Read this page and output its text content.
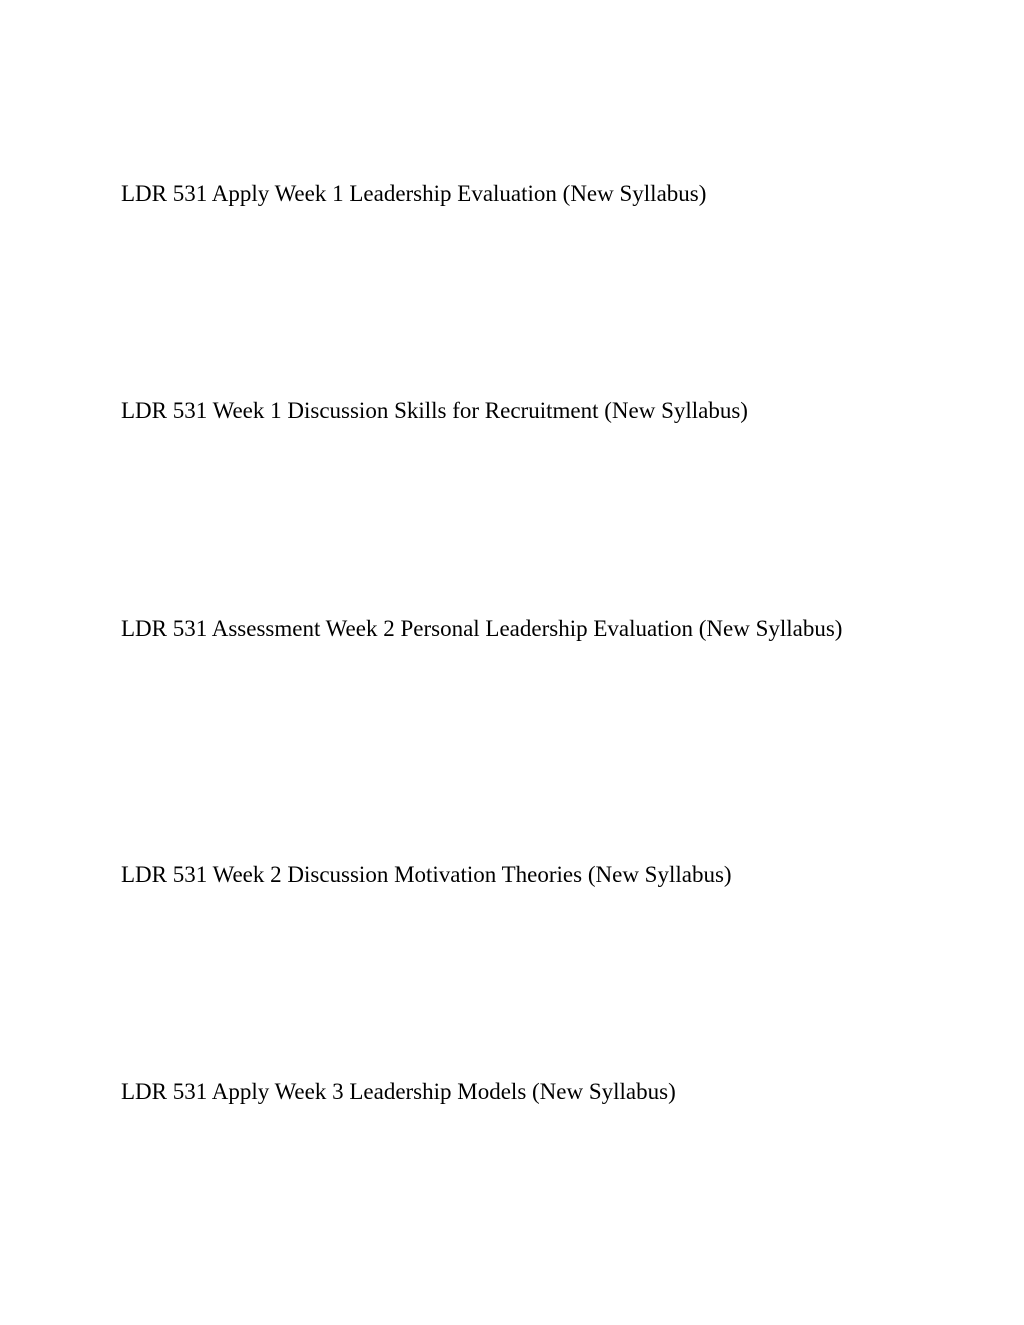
LDR 531 Apply Week 1 Leadership Evaluation (New Syllabus)

LDR 531 Week 1 Discussion Skills for Recruitment (New Syllabus)

LDR 531 Assessment Week 2 Personal Leadership Evaluation (New Syllabus)

LDR 531 Week 2 Discussion Motivation Theories (New Syllabus)

LDR 531 Apply Week 3 Leadership Models (New Syllabus)
